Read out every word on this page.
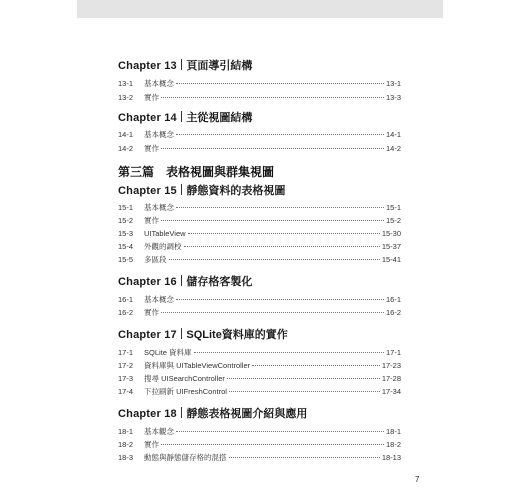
Chapter 13 頁面導引結構
13-1	基本概念	13-1
13-2	實作	13-3
Chapter 14 主從視圖結構
14-1	基本概念	14-1
14-2	實作	14-2
第三篇 表格視圖與群集視圖
Chapter 15 靜態資料的表格視圖
15-1	基本概念	15-1
15-2	實作	15-2
15-3	UITableView	15-30
15-4	外觀的調校	15-37
15-5	多區段	15-41
Chapter 16 儲存格客製化
16-1	基本概念	16-1
16-2	實作	16-2
Chapter 17 SQLite資料庫的實作
17-1	SQLite 資料庫	17-1
17-2	資料庫與 UITableViewController	17-23
17-3	搜尋 UISearchController	17-28
17-4	下拉刷新 UIFreshControl	17-34
Chapter 18 靜態表格視圖介紹與應用
18-1	基本觀念	18-1
18-2	實作	18-2
18-3	動態與靜態儲存格的混搭	18-13
7
